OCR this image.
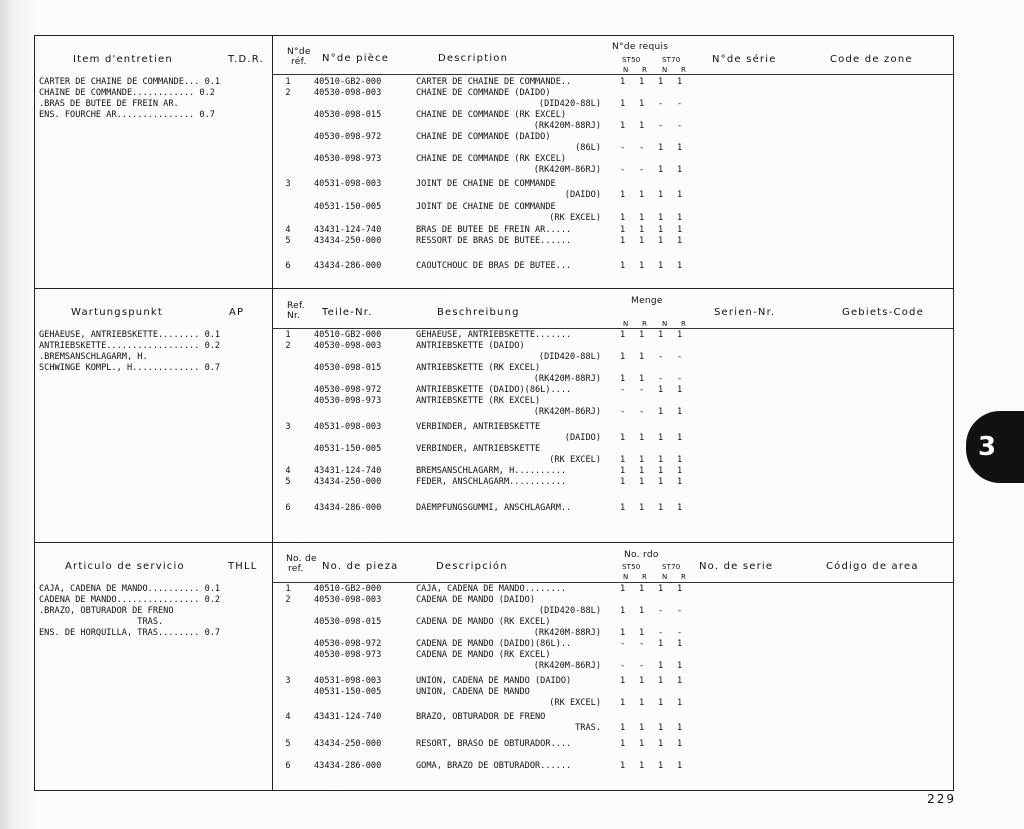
Item d'entretien	T.D.R.
N°de
réf. N°de pièce	Description
N°de requis
ST50	ST70
N R N R
N°de série	Code de zone
CARTER DE CHAINE DE COMMANDE... 0.1
CHAINE DE COMMANDE............ 0.2
.BRAS DE BUTEE DE FREIN AR.
ENS. FOURCHE AR............... 0.7
1	40510-GB2-000	CARTER DE CHAINE DE COMMANDE..	1 1 1 1
2	40530-098-003	CHAINE DE COMMANDE (DAIDO)
(DID420-88L) 1 1 - -
40530-098-015	CHAINE DE COMMANDE (RK EXCEL)
(RK420M-88RJ) 1 1 - -
40530-098-972	CHAINE DE COMMANDE (DAIDO)
(86L) - - 1 1
40530-098-973	CHAINE DE COMMANDE (RK EXCEL)
(RK420M-86RJ) - - 1 1
3	40531-098-003	JOINT DE CHAINE DE COMMANDE
(DAIDO) 1 1 1 1
40531-150-005	JOINT DE CHAINE DE COMMANDE
(RK EXCEL) 1 1 1 1
4	43431-124-740	BRAS DE BUTEE DE FREIN AR.....	1 1 1 1
5	43434-250-000	RESSORT DE BRAS DE BUTEE......	1 1 1 1
6	43434-286-000	CAOUTCHOUC DE BRAS DE BUTEE...	1 1 1 1
Wartungspunkt	AP
Ref.
Nr. Teile-Nr.	Beschreibung
Menge
N R N R
Serien-Nr.	Gebiets-Code
GEHAEUSE, ANTRIEBSKETTE........ 0.1
ANTRIEBSKETTE.................. 0.2
.BREMSANSCHLAGARM, H.
SCHWINGE KOMPL., H............. 0.7
1	40510-GB2-000	GEHAEUSE, ANTRIEBSKETTE.......	1 1 1 1
2	40530-098-003	ANTRIEBSKETTE (DAIDO)
(DID420-88L) 1 1 - -
40530-098-015	ANTRIEBSKETTE (RK EXCEL)
(RK420M-88RJ) 1 1 - -
40530-098-972	ANTRIEBSKETTE (DAIDO)(86L)....	- - 1 1
40530-098-973	ANTRIEBSKETTE (RK EXCEL)
(RK420M-86RJ) - - 1 1
3	40531-098-003	VERBINDER, ANTRIEBSKETTE
(DAIDO) 1 1 1 1
40531-150-005	VERBINDER, ANTRIEBSKETTE
(RK EXCEL) 1 1 1 1
4	43431-124-740	BREMSANSCHLAGARM, H..........	1 1 1 1
5	43434-250-000	FEDER, ANSCHLAGARM...........	1 1 1 1
6	43434-286-000	DAEMPFUNGSGUMMI, ANSCHLAGARM..	1 1 1 1
Articulo de servicio	THLL
No. de
ref. No. de pieza	Descripción
No. rdo
ST50	ST70
N R N R
No. de serie	Código de area
CAJA, CADENA DE MANDO.......... 0.1
CADENA DE MANDO................ 0.2
.BRAZO, OBTURADOR DE FRENO
TRAS.
ENS. DE HORQUILLA, TRAS........ 0.7
1	40510-GB2-000	CAJA, CADENA DE MANDO........	1 1 1 1
2	40530-098-003	CADENA DE MANDO (DAIDO)
(DID420-88L) 1 1 - -
40530-098-015	CADENA DE MANDO (RK EXCEL)
(RK420M-88RJ) 1 1 - -
40530-098-972	CADENA DE MANDO (DAIDO)(86L)..	- - 1 1
40530-098-973	CADENA DE MANDO (RK EXCEL)
(RK420M-86RJ) - - 1 1
3	40531-098-003	UNION, CADENA DE MANDO (DAIDO)	1 1 1 1
40531-150-005	UNION, CADENA DE MANDO
(RK EXCEL) 1 1 1 1
4	43431-124-740	BRAZO, OBTURADOR DE FRENO
TRAS. 1 1 1 1
5	43434-250-000	RESORT, BRASO DE OBTURADOR....	1 1 1 1
6	43434-286-000	GOMA, BRAZO DE OBTURADOR......	1 1 1 1
3
229
